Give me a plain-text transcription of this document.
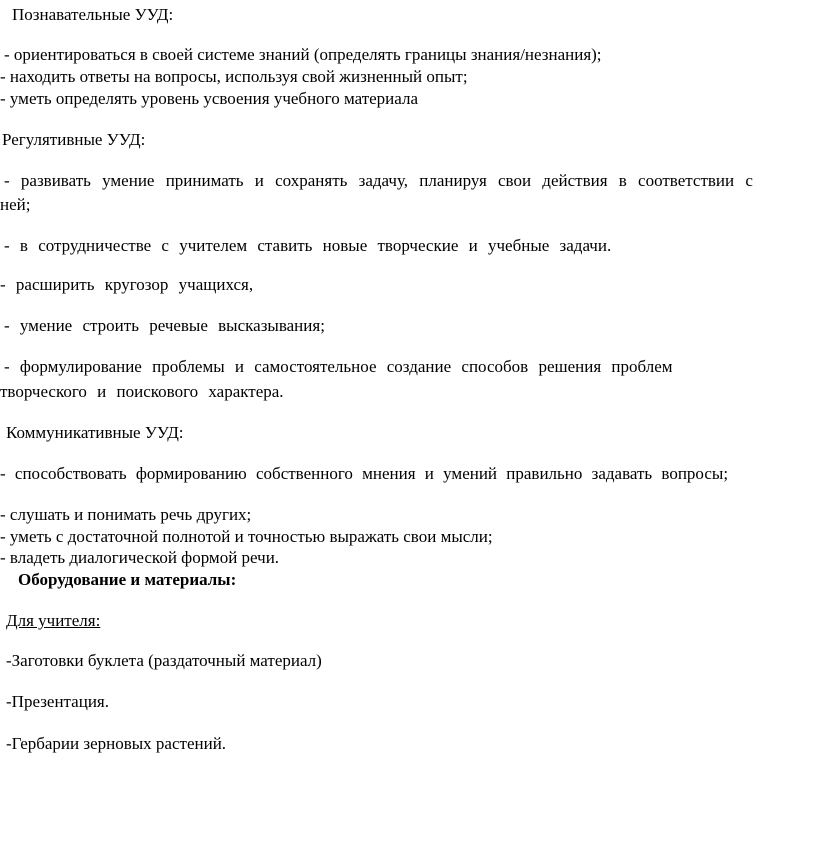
Познавательные УУД:
- ориентироваться в своей системе знаний (определять границы знания/незнания);
- находить ответы на вопросы, используя свой жизненный опыт;
- уметь определять уровень усвоения учебного материала
Регулятивные УУД:
- развивать умение принимать и сохранять задачу, планируя свои действия в соответствии с
ней;
- в сотрудничестве с учителем ставить новые творческие и учебные задачи.
- расширить кругозор учащихся,
- умение строить речевые высказывания;
- формулирование проблемы и самостоятельное создание способов решения проблем
творческого и поискового характера.
Коммуникативные УУД:
- способствовать формированию собственного мнения и умений правильно задавать вопросы;
- слушать и понимать речь других;
- уметь с достаточной полнотой и точностью выражать свои мысли;
- владеть диалогической формой речи.
Оборудование и материалы:
Для учителя:
-Заготовки буклета (раздаточный материал)
-Презентация.
-Гербарии зерновых растений.
